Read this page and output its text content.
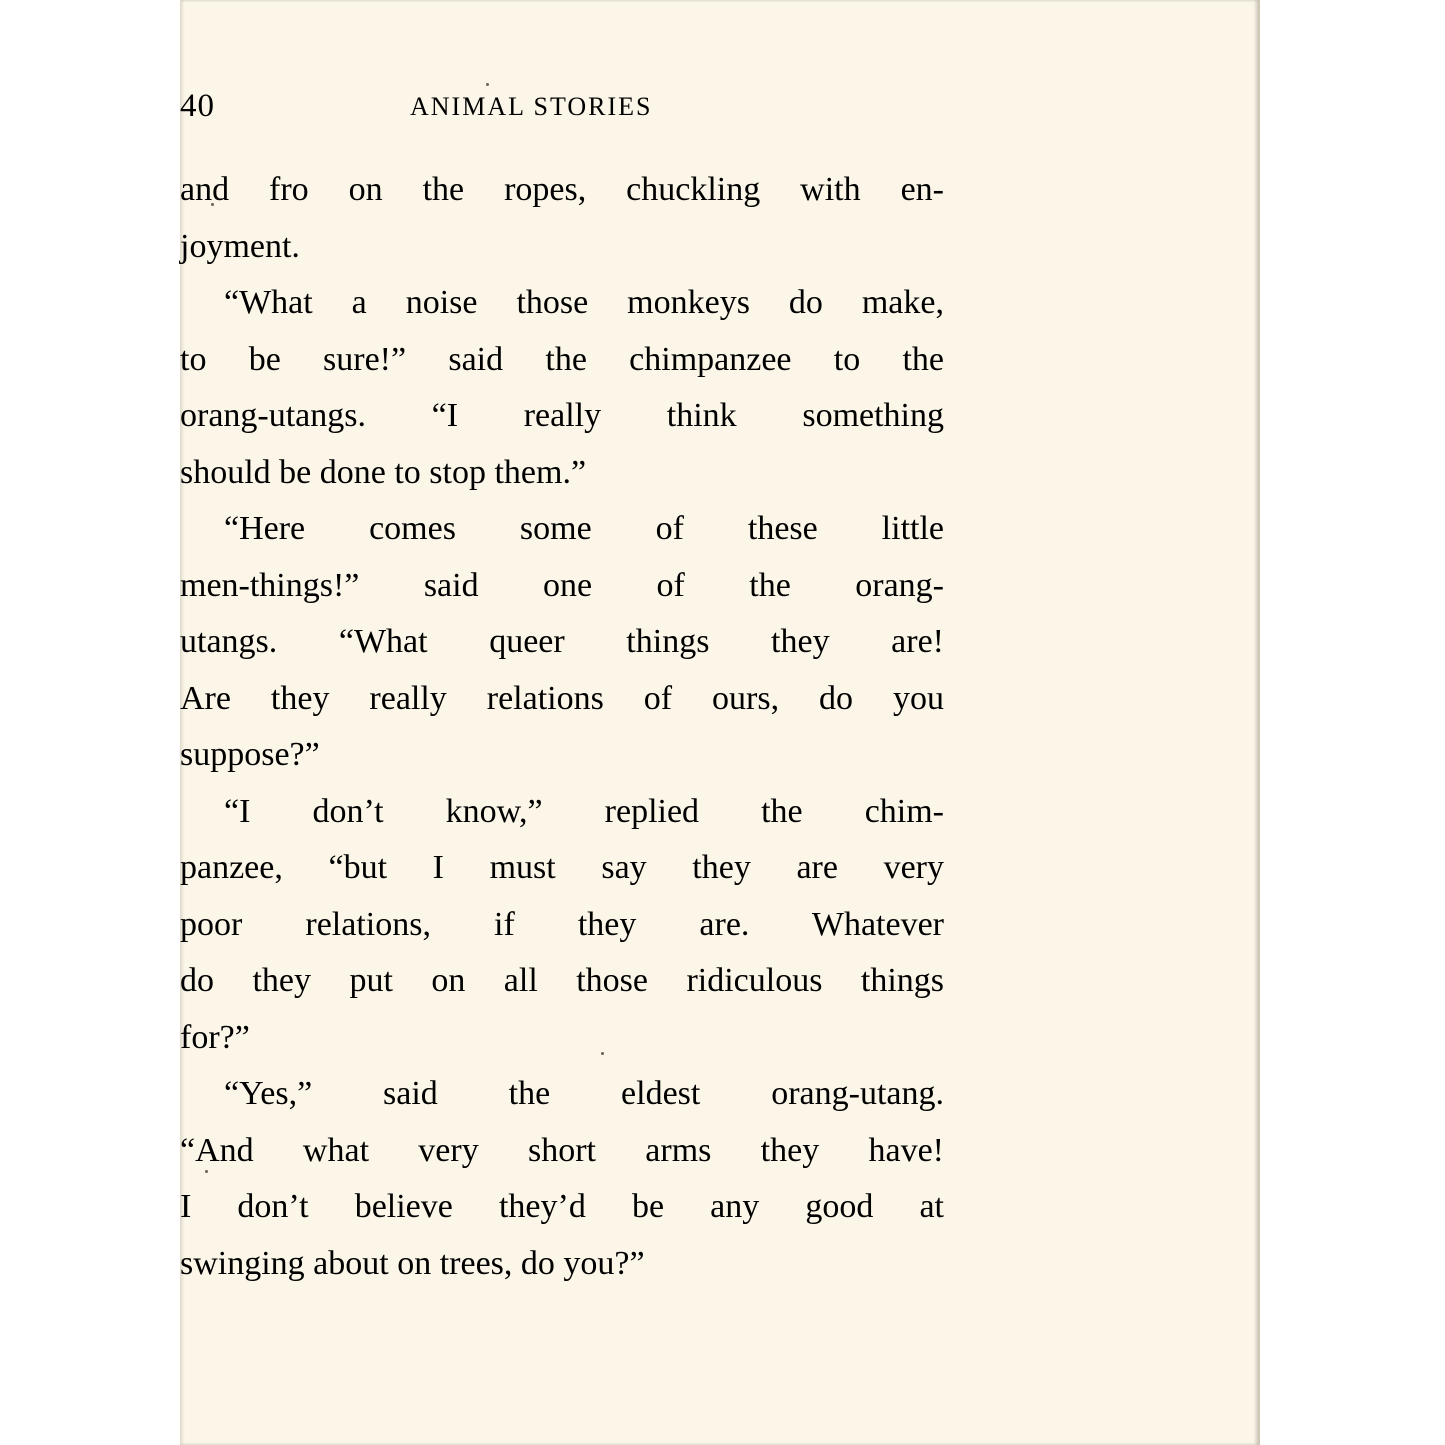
40	ANIMAL STORIES
and fro on the ropes, chuckling with en-
joyment.
“What a noise those monkeys do make,
to be sure!” said the chimpanzee to the
orang-utangs. “I really think something
should be done to stop them.”
“Here comes some of these little
men-things!” said one of the orang-
utangs. “What queer things they are!
Are they really relations of ours, do you
suppose?”
“I don’t know,” replied the chim-
panzee, “but I must say they are very
poor relations, if they are. Whatever
do they put on all those ridiculous things
for?”
“Yes,” said the eldest orang-utang.
“And what very short arms they have!
I don’t believe they’d be any good at
swinging about on trees, do you?”
